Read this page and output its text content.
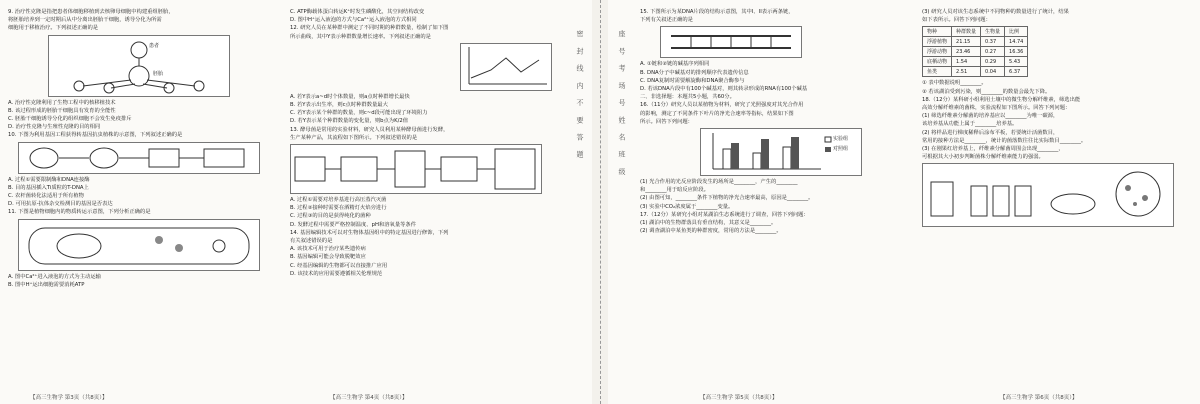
9. 治疗性克隆是指把患者体细胞移植到去核卵母细胞中构建重组胚胎，
将胚胎培养到一定时期后从中分离出胚胎干细胞，诱导分化为所需
细胞用于移植治疗。下列叙述正确的是
患者
胚胎
A. 治疗性克隆利用了生物工程中的核移植技术
B. 该过程形成的胚胎干细胞具有发育的全能性
C. 胚胎干细胞诱导分化的组织细胞不会发生免疫排斥
D. 治疗性克隆与生殖性克隆的目的相同
10. 下图为利用基因工程获得转基因抗虫植株的示意图，下列叙述正确的是
A. 过程①需要限制酶和DNA连接酶
B. 目的基因插入Ti质粒的T-DNA上
C. 农杆菌转化法适用于所有植物
D. 可用抗原-抗体杂交检测目的基因是否表达
11. 下图是植物细胞内的物质转运示意图，下列分析正确的是
A. 图中Ca²⁺进入液泡的方式为主动运输
B. 图中H⁺运出细胞需要消耗ATP
【高三生物学 第3页（共8页）】
C. ATP酶载体蛋白转运K⁺时发生磷酸化，其空间结构改变
D. 图中H⁺运入液泡的方式与Ca²⁺运入液泡的方式相同
12. 研究人员在某种群中测定了不同时期的种群数量，绘制了如下图
所示曲线，其中Y表示种群数量增长速率。下列叙述正确的是
A. 若Y表示a~d时个体数量，则a点时种群增长最快
B. 若Y表示出生率，则c点时种群数量最大
C. 若Y表示某个种群的数量，则c~d段可能出现了环境阻力
D. 若Y表示某个种群数量的变化量，则b点为K/2值
13. 酵母菌是常用的实验材料，研究人员利用某种酵母菌进行发酵，
生产某种产品，其流程如下图所示。下列叙述错误的是
A. 过程①需要对培养基进行高压蒸汽灭菌
B. 过程②接种时需要在酒精灯火焰旁进行
C. 过程③的目的是获得纯化的菌种
D. 发酵过程中需要严格控制温度、pH和溶氧量等条件
14. 基因编辑技术可以对生物体基因组中的特定基因进行修饰，下列
有关叙述错误的是
A. 该技术可用于治疗某些遗传病
B. 基因编辑可能会导致脱靶效应
C. 经基因编辑的生物都可以直接推广应用
D. 该技术的应用需要遵循相关伦理规范
【高三生物学 第4页（共8页）】
密 封 线 内 不 要 答 题	座 号 考 场 号 姓 名 班 级
15. 下图所示为某DNA片段的结构示意图，其中I、II表示两条链，
下列有关叙述正确的是
A. ①链和②链的碱基序列相同
B. DNA分子中碱基对的排列顺序代表遗传信息
C. DNA复制时需要解旋酶和DNA聚合酶参与
D. 若该DNA片段中有100个碱基对，则其转录形成的RNA有100个碱基
二、非选择题：本题共5小题，共60分。
16.（11分）研究人员以某植物为材料，研究了光照强度对其光合作用
的影响，测定了不同条件下叶片的净光合速率等指标，结果如下图
所示。回答下列问题：
实验组
对照组
(1) 光合作用的光反应阶段发生的场所是________，产生的________
和________用于暗反应阶段。
(2) 由图可知，________条件下植物的净光合速率最高，原因是________。
(3) 实验中CO₂浓度属于________变量。
17.（12分）某研究小组对某湖泊生态系统进行了调查，回答下列问题：
(1) 湖泊中的生物群落具有垂直结构，其意义是________。
(2) 调查湖泊中某鱼类的种群密度，常用的方法是________。
【高三生物学 第5页（共8页）】
(3) 研究人员对该生态系统中不同物种的数量进行了统计，结果
如下表所示。回答下列问题：
物种	种群数量	生物量	比例
浮游植物	21.15	0.37	14.74
浮游动物	23.46	0.27	16.36
底栖动物	1.54	0.29	5.43
鱼类	2.51	0.04	6.37
① 表中数据说明________。
② 若该湖泊受到污染，则________的数量会最先下降。
18.（12分）某科研小组利用土壤中的微生物分解纤维素，筛选出能
高效分解纤维素的菌株，实验流程如下图所示。回答下列问题：
(1) 筛选纤维素分解菌的培养基应以________为唯一碳源，
该培养基从功能上属于________培养基。
(2) 将样品进行梯度稀释后涂布平板，若要统计活菌数目，
常用的接种方法是________，统计的菌落数往往比实际数目________。
(3) 在刚果红培养基上，纤维素分解菌周围会出现________，
可根据其大小初步判断菌株分解纤维素能力的强弱。
【高三生物学 第6页（共8页）】
